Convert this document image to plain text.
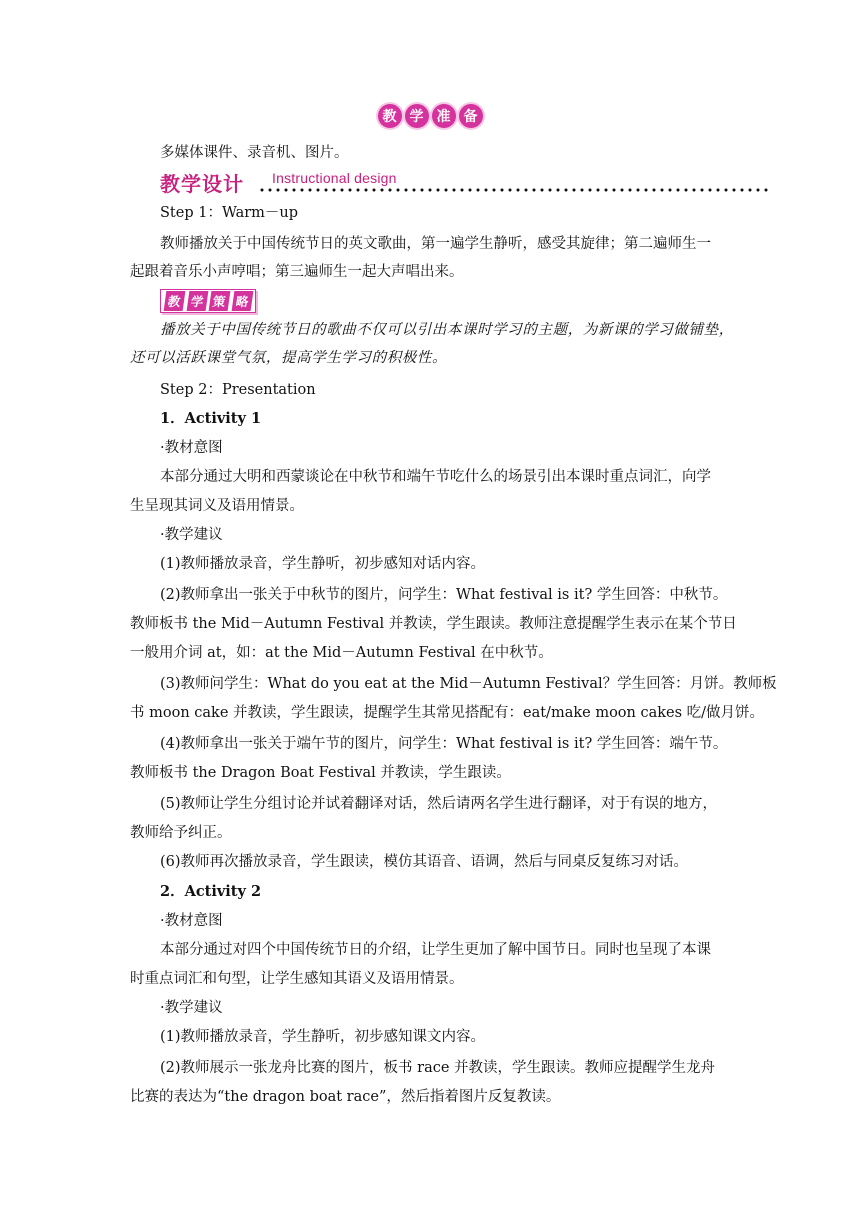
教 学 准 备
多媒体课件、录音机、图片。
教学设计 Instructional design
Step 1：Warm－up
教师播放关于中国传统节日的英文歌曲，第一遍学生静听，感受其旋律；第二遍师生一
起跟着音乐小声哼唱；第三遍师生一起大声唱出来。
教 学 策 略
播放关于中国传统节日的歌曲不仅可以引出本课时学习的主题，为新课的学习做铺垫，
还可以活跃课堂气氛，提高学生学习的积极性。
Step 2：Presentation
1．Activity 1
·教材意图
本部分通过大明和西蒙谈论在中秋节和端午节吃什么的场景引出本课时重点词汇，向学
生呈现其词义及语用情景。
·教学建议
(1)教师播放录音，学生静听，初步感知对话内容。
(2)教师拿出一张关于中秋节的图片，问学生：What festival is it? 学生回答：中秋节。
教师板书 the Mid－Autumn Festival 并教读，学生跟读。教师注意提醒学生表示在某个节日
一般用介词 at，如：at the Mid－Autumn Festival 在中秋节。
(3)教师问学生：What do you eat at the Mid－Autumn Festival？学生回答：月饼。教师板
书 moon cake 并教读，学生跟读，提醒学生其常见搭配有：eat/make moon cakes 吃/做月饼。
(4)教师拿出一张关于端午节的图片，问学生：What festival is it? 学生回答：端午节。
教师板书 the Dragon Boat Festival 并教读，学生跟读。
(5)教师让学生分组讨论并试着翻译对话，然后请两名学生进行翻译，对于有误的地方，
教师给予纠正。
(6)教师再次播放录音，学生跟读，模仿其语音、语调，然后与同桌反复练习对话。
2．Activity 2
·教材意图
本部分通过对四个中国传统节日的介绍，让学生更加了解中国节日。同时也呈现了本课
时重点词汇和句型，让学生感知其语义及语用情景。
·教学建议
(1)教师播放录音，学生静听，初步感知课文内容。
(2)教师展示一张龙舟比赛的图片，板书 race 并教读，学生跟读。教师应提醒学生龙舟
比赛的表达为“the dragon boat race”，然后指着图片反复教读。
